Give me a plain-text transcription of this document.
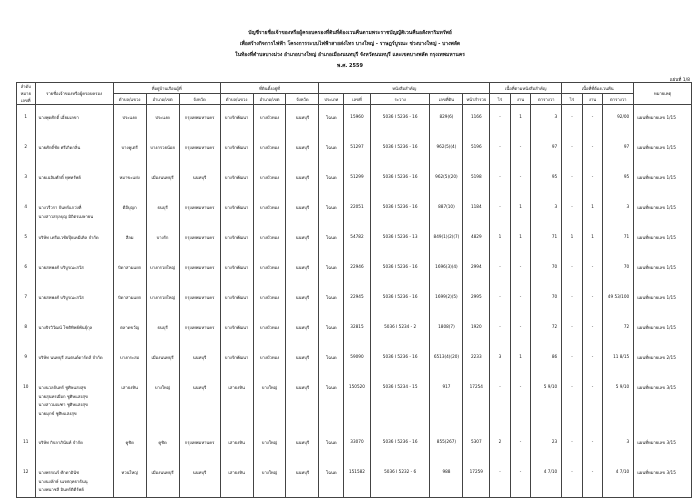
บัญชีรายชื่อเจ้าของหรือผู้ครอบครองที่ดินที่ต้องเวนคืนตามพระราชบัญญัติเวนคืนอสังหาริมทรัพย์
เพื่อสร้างกิจการไฟฟ้า โครงการระบบไฟฟ้าสายส่งไทร บางใหญ่ - ราษฎร์บูรณะ ช่วงบางใหญ่ - บางพลัด
ในท้องที่ตำบลบางม่วง อำเภอบางใหญ่ อำเภอเมืองนนทบุรี จังหวัดนนทบุรี และเขตบางพลัด กรุงเทพมหานคร
พ.ศ. 2559
แผ่นที่ 1/8
ลำดับ หมาย เลขที่	รายชื่อเจ้าของหรือผู้ครอบครอง	ที่อยู่บ้านเรือนผู้ที่			ที่ดินตั้งอยู่ที่			หนังสือสำคัญ					เนื้อที่ตามหนังสือสำคัญ			เนื้อที่ที่ต้องเวนคืน			หมายเหตุ
		ตำบล/แขวง	อำเภอ/เขต	จังหวัด	ตำบล/แขวง	อำเภอ/เขต	จังหวัด	ประเภท	เลขที่	ระวาง	เลขที่ดิน	หน้าสำรวจ	ไร่	งาน	ตารางวา	ไร่	งาน	ตารางวา	
1	นางพุดศักดิ์ เอี่ยมเลขา	ประแงด	ประแงด	กรุงเทพมหานคร	บางรักพัฒนา	บางบัวทอง	นนทบุรี	โฉนด	15960	5036 I 5236 - 16	829(6)	1166	-	1	3	-	-	92/00	แผนที่หมายเลข 1/15
2	นายศักดิ์ชัย ศรีเกิดกลิ่น	บางคูเตรี	บางกรวยน้อย	กรุงเทพมหานคร	บางรักพัฒนา	บางบัวทอง	นนทบุรี	โฉนด	51297	5036 I 5236 - 16	962(5)(4)	5196	-	-	97	-	-	97	แผนที่หมายเลข 1/15
3	นายเฉลิมศักดิ์ ทุพทรัพย์	หมาขะแย่ง	เมืองนนทบุรี	นนทบุรี	บางรักพัฒนา	บางบัวทอง	นนทบุรี	โฉนด	51299	5036 I 5236 - 16	962(5)(20)	5198	-	-	95	-	-	95	แผนที่หมายเลข 1/15
4	นางวรีวรา จันทร์แกว่งที่
นางสาวสกุลบุญ มิถิตรเมษายน	ดีอีบุญก	ธนบุรี	กรุงเทพมหานคร	บางรักพัฒนา	บางบัวทอง	นนทบุรี	โฉนด	22051	5036 I 5236 - 16	887(10)	1184	-	1	3	-	1	3	แผนที่หมายเลข 1/15
5	บริษัท เครือเวชัยปุ๊ยเคมีเคิล จำกัด	สีลม	บางรัก	กรุงเทพมหานคร	บางรักพัฒนา	บางบัวทอง	นนทบุรี	โฉนด	54782	5036 I 5236 - 13	849(1)(2)(7)	4829	1	1	71	1	1	71	แผนที่หมายเลข 1/15
6	นายสหพงศ์ บริบูรณะสวัส	บิดาสามแยก	บางกรวยใหญ่	กรุงเทพมหานคร	บางรักพัฒนา	บางบัวทอง	นนทบุรี	โฉนด	22946	5036 I 5236 - 16	1696(3)(4)	2994	-	-	70	-	-	70	แผนที่หมายเลข 1/15
7	นายสหพงศ์ บริบูรณะสวัส	บิดาสามแยก	บางกรวยใหญ่	กรุงเทพมหานคร	บางรักพัฒนา	บางบัวทอง	นนทบุรี	โฉนด	22945	5036 I 5236 - 16	1699(2)(5)	2995	-	-	70	-	-	49 53/100	แผนที่หมายเลข 1/15
8	นางจิรวิวัฒน์ โชติทิพย์พันธุ์กุล	ตลาดขวัญ	ธนบุรี	กรุงเทพมหานคร	บางรักพัฒนา	บางบัวทอง	นนทบุรี	โฉนด	32815	5036 I 5234 - 2	1808(7)	1920	-	-	72	-	-	72	แผนที่หมายเลข 1/15
9	บริษัท นนทบุรี สแตนด์ดาร์ดส์ จำกัด	บางกระสอ	เมืองนนทบุรี	นนทบุรี	บางรักพัฒนา	บางบัวทอง	นนทบุรี	โฉนด	59090	5036 I 5236 - 16	6513(4)(20)	2233	3	1	86	-	-	11 8/15	แผนที่หมายเลข 2/15
10	นางนวลจันทร์ ชูศิษแสงสุข
นายสุนทรเผือก ชูศิษแสงสุข
นางสาวมณฑา ชูศิษแสงสุข
นายมุกข์ ชูศิษแสงสุข	เสาธงหิน	บางใหญ่	นนทบุรี	เสาธงหิน	บางใหญ่	นนทบุรี	โฉนด	150520	5036 I 5234 - 15	917	17254	-	-	5 9/10	-	-	5 9/10	แผนที่หมายเลข 3/15
11	บริษัท กิจลาภินันท์ จำกัด	คูชิด	คูชิด	กรุงเทพมหานคร	เสาธงหิน	บางใหญ่	นนทบุรี	โฉนด	33070	5036 I 5236 - 16	855(267)	5307	2	-	23	-	-	3	แผนที่หมายเลข 3/15
12	นางพรรณร์ ศักดาอินัช
นางนงลักษ์ นเรศฤทธาธันนุ
นางพนาชลี อินทร์ติดีร์พย์	ทวนใหญ่	เมืองนนทบุรี	นนทบุรี	เสาธงหิน	บางใหญ่	นนทบุรี	โฉนด	151582	5036 I 5232 - 6	988	17259	-	-	4 7/10	-	-	4 7/10	แผนที่หมายเลข 3/15
